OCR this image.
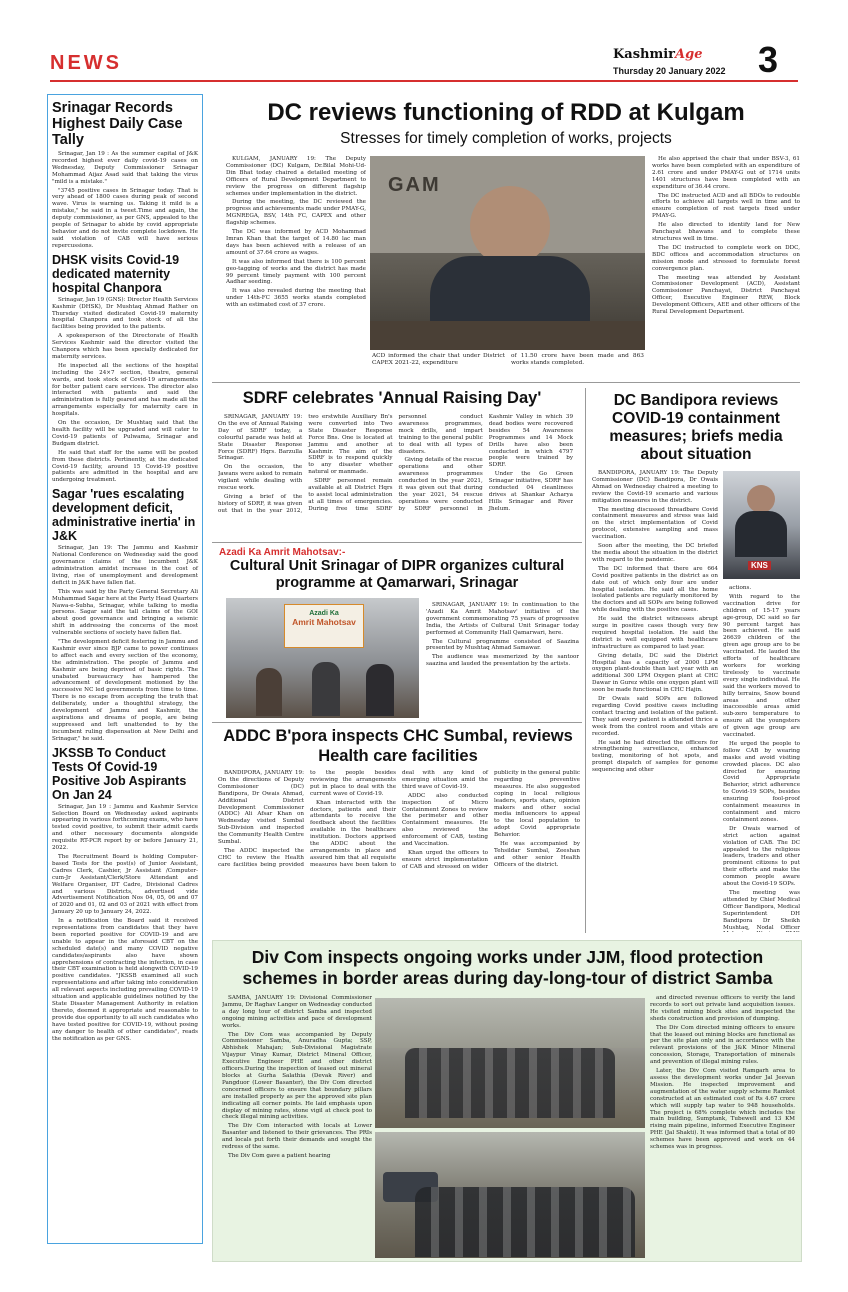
NEWS	KashmirAge
Thursday 20 January 2022 3
Srinagar Records Highest Daily Case Tally

Srinagar, Jan 19 : As the summer capital of J&K recorded highest ever daily covid-19 cases on Wednesday, Deputy Commissioner Srinagar Mohammad Aijaz Asad said that taking the virus "mild is a mistake."

"3745 positive cases in Srinagar today. That is very ahead of 1800 cases during peak of second wave. Virus is warning us. Taking it mild is a mistake," he said in a tweet.Time and again, the deputy commissioner, as per GNS, appealed to the people of Srinagar to abide by covid appropriate behavior and do not invite complete lockdown. He said violation of CAB will have serious repercussions.

DHSK visits Covid-19 dedicated maternity hospital Chanpora

Srinagar, Jan 19 (GNS): Director Health Services Kashmir (DHSK), Dr Mushtaq Ahmad Rather on Thursday visited dedicated Covid-19 maternity hospital Chanpora and took stock of all the facilities being provided to the patients.

A spokesperson of the Directorate of Health Services Kashmir said the director visited the Chanpora which has been specially dedicated for maternity services.

He inspected all the sections of the hospital including the 24×7 section, theatre, general wards, and took stock of Covid-19 arrangements for better patient care services. The director also interacted with patients and said the administration is fully geared and has made all the arrangements especially for maternity care in hospitals.

On the occasion, Dr Mushtaq said that the health facility will be upgraded and will cater to Covid-19 patients of Pulwama, Srinagar and Budgam district.

He said that staff for the same will be posted from these districts. Pertinently, at the dedicated Covid-19 facility, around 15 Covid-19 positive patients are admitted in the hospital and are undergoing treatment.

Sagar 'rues escalating development deficit, administrative inertia' in J&K

Srinagar, Jan 19: The Jammu and Kashmir National Conference on Wednesday said the good governance claims of the incumbent J&K administration amidst increase in the cost of living, rise of unemployment and development deficit in J&K have fallen flat.

This was said by the Party General Secretary Ali Muhammad Sagar here at the Party Head Quarters Nawa-e-Subha, Srinagar, while talking to media persons. Sagar said the tall claims of the GOI about good governance and bringing a seismic shift in addressing the concerns of the most vulnerable sections of society have fallen flat.

"The development deficit festering in Jammu and Kashmir ever since BJP came to power continues to affect each and every section of the economy, the administration. The people of Jammu and Kashmir are being deprived of basic rights. The unabated bureaucracy has hampered the advancement of development motioned by the successive NC led governments from time to time. There is no escape from accepting the truth that deliberately, under a thoughtful strategy, the development of Jammu and Kashmir, the aspirations and dreams of people, are being suppressed and left unattended to by the incumbent ruling dispensation at New Delhi and Srinagar," he said.

JKSSB To Conduct Tests Of Covid-19 Positive Job Aspirants On Jan 24

Srinagar, Jan 19 : Jammu and Kashmir Service Selection Board on Wednesday asked aspirants appearing in various forthcoming exams, who have tested covid positive, to submit their admit cards and other necessary documents alongside requisite RT-PCR report by or before January 21, 2022.

The Recruitment Board is holding Computer-based Tests for the post(s) of Junior Assistant, Cadres Clerk, Cashier, Jr Assistant /Computer-cum-Jr Assistant/Clerk/Store Attendant and Welfare Organiser, DT Cadre, Divisional Cadres and various Districts, advertised vide Advertisement Notification Nos 04, 05, 06 and 07 of 2020 and 01, 02 and 03 of 2021 with effect from January 20 up to January 24, 2022.

In a notification the Board said it received representations from candidates that they have been reported positive for COVID-19 and are unable to appear in the aforesaid CBT on the scheduled date(s) and many COVID negative candidates/aspirants also have shown apprehensions of contracting the infection, in case their CBT examination is held alongwith COVID-19 positive candidates. "JKSSB examined all such representations and after taking into consideration all relevant aspects including prevailing COVID-19 situation and applicable guidelines notified by the State Disaster Management Authority in relation thereto, deemed it appropriate and reasonable to provide due opportunity to all such candidates who have tested positive for COVID-19, without posing any danger to health of other candidates", reads the notification as per GNS.

DC reviews functioning of RDD at Kulgam
Stresses for timely completion of works, projects

KULGAM, JANUARY 19: The Deputy Commissioner (DC) Kulgam, Dr.Bilal Mohi-Ud-Din Bhat today chaired a detailed meeting of Officers of Rural Development Department to review the progress on different flagship schemes under implementation in the district.

During the meeting, the DC reviewed the progress and achievements made under PMAY-G, MGNREGA, BSV, 14th FC, CAPEX and other flagship schemes.

The DC was informed by ACD Mohammad Imran Khan that the target of 14.80 lac man days has been achieved with a release of an amount of 37.64 crore as wages.

It was also informed that there is 100 percent geo-tagging of works and the district has made 99 percent timely payment with 100 percent Aadhar seeding.

It was also revealed during the meeting that under 14th-FC 3655 works stands completed with an estimated cost of 37 crore.

GAM
ACD informed the chair that under District CAPEX 2021-22, expenditure
of 11.50 crore have been made and 863 works stands completed.

He also apprised the chair that under BSV-3, 61 works have been completed with an expenditure of 2.61 crore and under PMAY-G out of 1714 units 1401 structures have been completed with an expenditure of 36.44 crore.

The DC instructed ACD and all BDOs to redouble efforts to achieve all targets well in time and to ensure completion of rest targets fixed under PMAY-G.

He also directed to identify land for New Panchayat bhawans and to complete these structures well in time.

The DC instructed to complete work on DDC, BDC offices and accommodation structures on mission mode and stressed to formulate forest convergence plan.

The meeting was attended by Assistant Commissioner Development (ACD), Assistant Commissioner Panchayat, District Panchayat Officer, Executive Engineer REW, Block Development Officers, AEE and other officers of the Rural Development Department.

SDRF celebrates 'Annual Raising Day'

SRINAGAR, JANUARY 19: On the eve of Annual Raising Day of SDRF today, a colourful parade was held at State Disaster Response Force (SDRF) Hqrs. Barzulla Srinagar.

On the occasion, the Jawans were asked to remain vigilant while dealing with rescue work.

Giving a brief of the history of SDRF, it was given out that in the year 2012, two erstwhile Auxiliary Bn's were converted into Two State Disaster Response Force Bns. One is located at Jammu and another at Kashmir. The aim of the SDRF is to respond quickly to any disaster whether natural or manmade.

SDRF personnel remain available at all District Hqrs to assist local administration at all times of emergencies. During free time SDRF personnel conduct awareness programmes, mock drills, and impart training to the general public to deal with all types of disasters.

Giving details of the rescue operations and other awareness programmes conducted in the year 2021, it was given out that during the year 2021, 54 rescue operations were conducted by SDRF personnel in Kashmir Valley in which 39 dead bodies were recovered besides 54 Awareness Programmes and 14 Mock Drills have also been conducted in which 4797 people were trained by SDRF.

Under the Go Green Srinagar initiative, SDRF has conducted 04 cleanliness drives at Shankar Acharya Hills Srinagar and River Jhelum.

Azadi Ka Amrit Mahotsav:-
Cultural Unit Srinagar of DIPR organizes cultural programme at Qamarwari, Srinagar
Azadi Ka
Amrit Mahotsav

SRINAGAR, JANUARY 19: In continuation to the 'Azadi Ka Amrit Mahotsav' initiative of the government commemorating 75 years of progressive India, the Artists of Cultural Unit Srinagar today performed at Community Hall Qamarwari, here.

The Cultural programme consisted of Saazina presented by Mushtaq Ahmad Samawar.

The audience was mesmerized by the santoor saazina and lauded the presentation by the artists.

ADDC B'pora inspects CHC Sumbal, reviews Health care facilities

BANDIPORA, JANUARY 19: On the directions of Deputy Commissioner (DC) Bandipora, Dr Owais Ahmad, Additional District Development Commissioner (ADDC) Ali Afsar Khan on Wednesday visited Sumbal Sub-Division and inspected the Community Health Centre Sumbal.

The ADDC inspected the CHC to review the Health care facilities being provided to the people besides reviewing the arrangements put in place to deal with the current wave of Covid-19.

Khan interacted with the doctors, patients and their attendants to receive the feedback about the facilities available in the healthcare institution. Doctors apprised the ADDC about the arrangements in place and assured him that all requisite measures have been taken to deal with any kind of emerging situation amid the third wave of Covid-19.

ADDC also conducted inspection of Micro Containment Zones to review the perimeter and other Containment measures. He also reviewed the enforcement of CAB, testing and Vaccination.

Khan urged the officers to ensure strict implementation of CAB and stressed on wider publicity in the general public regarding preventive measures. He also suggested coping in local religious leaders, sports stars, opinion makers and other social media influencers to appeal to the local population to adopt Covid appropriate Behavior.

He was accompanied by Tehsildar Sumbal, Zeeshan and other senior Health Officers of the district.

DC Bandipora reviews COVID-19 containment measures; briefs media about situation

BANDIPORA, JANUARY 19: The Deputy Commissioner (DC) Bandipora, Dr Owais Ahmad on Wednesday chaired a meeting to review the Covid-19 scenario and various mitigation measures in the district.

The meeting discussed threadbare Covid containment measures and stress was laid on the strict implementation of Covid protocol, extensive sampling and mass vaccination.

Soon after the meeting, the DC briefed the media about the situation in the district with regard to the pandemic.

The DC informed that there are 664 Covid positive patients in the district as on date out of which only four are under hospital isolation. He said all the home isolated patients are regularly monitored by the doctors and all SOPs are being followed while dealing with the positive cases.

He said the district witnesses abrupt surge in positive cases though very few required hospital isolation. He said the district is well equipped with healthcare infrastructure as compared to last year.

Giving details, DC said the District Hospital has a capacity of 2000 LPM oxygen plant-double than last year with an additional 300 LPM Oxygen plant at CHC Dawar in Gurez while one oxygen plant will soon be made functional in CHC Hajin.

Dr Owais said SOPs are followed regarding Covid positive cases including contact tracing and isolation of the patient. They said every patient is attended thrice a week from the control room and vitals are recorded.

He said he had directed the officers for strengthening surveillance, enhanced testing, monitoring of hot spots, and prompt dispatch of samples for genome sequencing and other

KNS

actions.

With regard to the vaccination drive for children of 15-17 years age-group, DC said so far 90 percent target has been achieved. He said 26639 children of the given age group are to be vaccinated. He lauded the efforts of healthcare workers for working tirelessly to vaccinate every single individual. He said the workers moved to hilly terrains, Snow bound areas and other inaccessible areas amid sub-zero temperature to ensure all the youngsters of given age group are vaccinated.

He urged the people to follow CAB by wearing masks and avoid visiting crowded places. DC also directed for ensuring Covid Appropriate Behavior, strict adherence to Covid-19 SOPs, besides ensuring fool-proof containment measures in containment and micro containment zones.

Dr Owais warned of strict action against violation of CAB. The DC appealed to the religious leaders, traders and other prominent citizens to put their efforts and make the common people aware about the Covid-19 SOPs.

The meeting was attended by Chief Medical Officer Bandipora, Medical Superintendent DH Bandipora Dr Sheikh Mushtaq, Nodal Officer

Div Com inspects ongoing works under JJM, flood protection schemes in border areas during day-long-tour of district Samba

SAMBA, JANUARY 19: Divisional Commissioner Jammu, Dr Raghav Langer on Wednesday conducted a day long tour of district Samba and inspected ongoing mining activities and pace of development works.

The Div Com was accompanied by Deputy Commissioner Samba, Anuradha Gupta; SSP, Abhishek Mahajan; Sub-Divisional Magistrate Vijaypur Vinay Kumar, District Mineral Officer, Executive Engineer PHE and other district officers.During the inspection of leased out mineral blocks at Gurha Salathia (Devak River) and Pangduor (Lower Basanter), the Div Com directed concerned officers to ensure that boundary pillars are installed properly as per the approved site plan indicating all corner points. He laid emphasis upon display of mining rates, stone vigil at check post to check illegal mining activities.

The Div Com interacted with locals at Lower Basanter and listened to their grievances. The PRIs and locals put forth their demands and sought the redress of the same.

The Div Com gave a patient hearing

and directed revenue officers to verify the land records to sort out private land acquisition issues. He visited mining block sites and inspected the sheds construction and provision of dumping.

The Div Com directed mining officers to ensure that the leased out mining blocks are functional as per the site plan only and in accordance with the relevant provisions of the J&K Minor Mineral concession, Storage, Transportation of minerals and prevention of illegal mining rules.

Later, the Div Com visited Ramgarh area to assess the development works under Jal Jeevan Mission. He inspected improvement and augmentation of the water supply scheme Ramkot constructed at an estimated cost of Rs 4.67 crore which will supply tap water to 948 households. The project is 68% complete which includes the main building, Sumptank, Tubewell and 13 KM rising main pipeline, informed Executive Engineer PHE (Jal Shakti). It was informed that a total of 80 schemes have been approved and work on 44 schemes was in progress.
